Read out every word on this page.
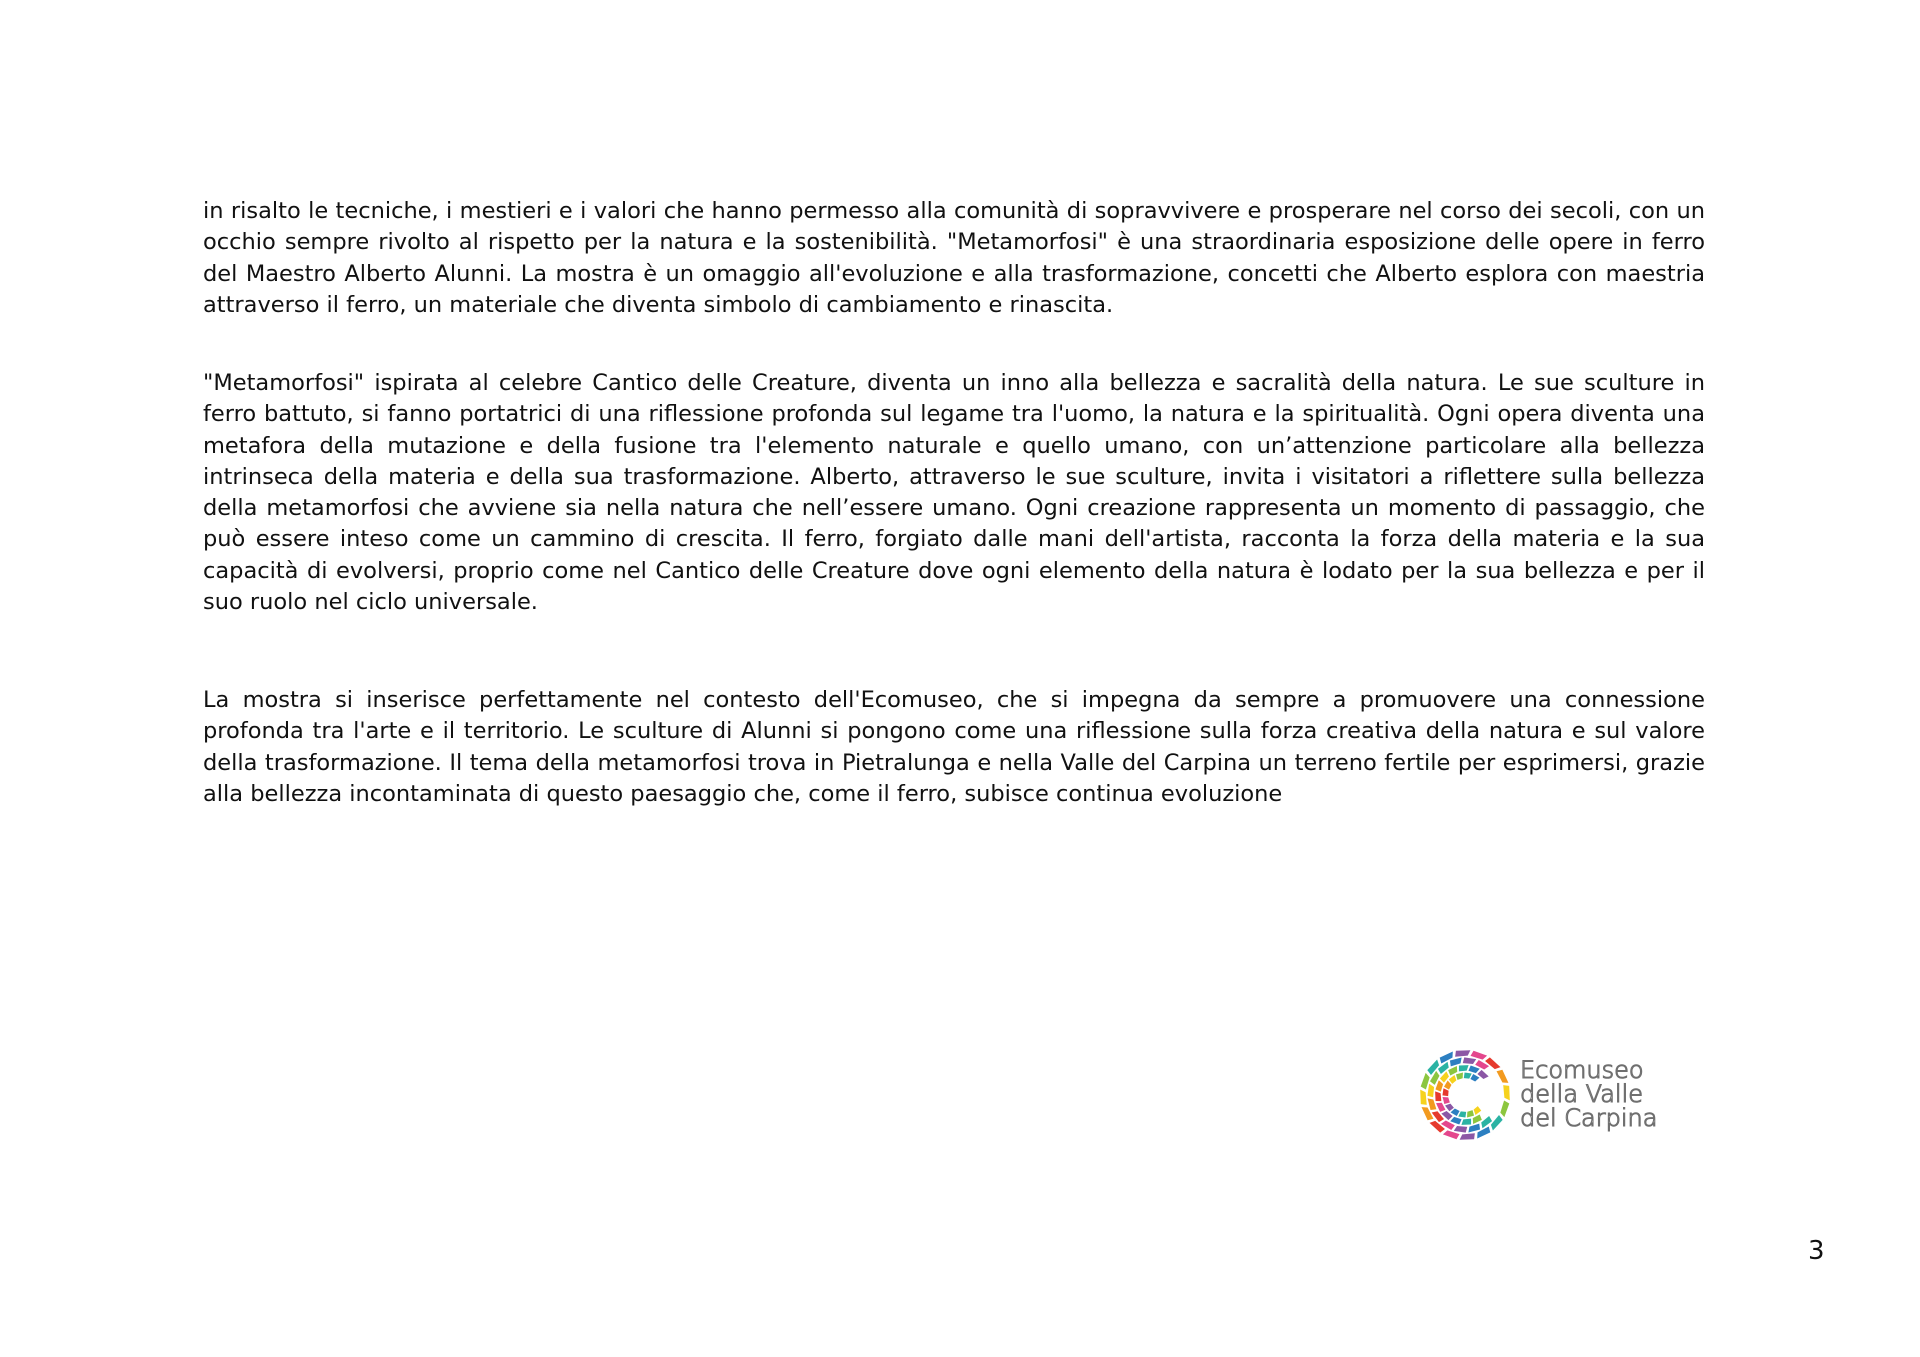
in risalto le tecniche, i mestieri e i valori che hanno permesso alla comunità di sopravvivere e prosperare nel corso dei secoli, con un occhio sempre rivolto al rispetto per la natura e la sostenibilità. "Metamorfosi" è una straordinaria esposizione delle opere in ferro del Maestro Alberto Alunni. La mostra è un omaggio all'evoluzione e alla trasformazione, concetti che Alberto esplora con maestria attraverso il ferro, un materiale che diventa simbolo di cambiamento e rinascita.

"Metamorfosi" ispirata al celebre Cantico delle Creature, diventa un inno alla bellezza e sacralità della natura. Le sue sculture in ferro battuto, si fanno portatrici di una riflessione profonda sul legame tra l'uomo, la natura e la spiritualità. Ogni opera diventa una metafora della mutazione e della fusione tra l'elemento naturale e quello umano, con un’attenzione particolare alla bellezza intrinseca della materia e della sua trasformazione. Alberto, attraverso le sue sculture, invita i visitatori a riflettere sulla bellezza della metamorfosi che avviene sia nella natura che nell’essere umano. Ogni creazione rappresenta un momento di passaggio, che può essere inteso come un cammino di crescita. Il ferro, forgiato dalle mani dell'artista, racconta la forza della materia e la sua capacità di evolversi, proprio come nel Cantico delle Creature dove ogni elemento della natura è lodato per la sua bellezza e per il suo ruolo nel ciclo universale.

La mostra si inserisce perfettamente nel contesto dell'Ecomuseo, che si impegna da sempre a promuovere una connessione profonda tra l'arte e il territorio. Le sculture di Alunni si pongono come una riflessione sulla forza creativa della natura e sul valore della trasformazione. Il tema della metamorfosi trova in Pietralunga e nella Valle del Carpina un terreno fertile per esprimersi, grazie alla bellezza incontaminata di questo paesaggio che, come il ferro, subisce continua evoluzione

Ecomuseo
della Valle
del Carpina
3
